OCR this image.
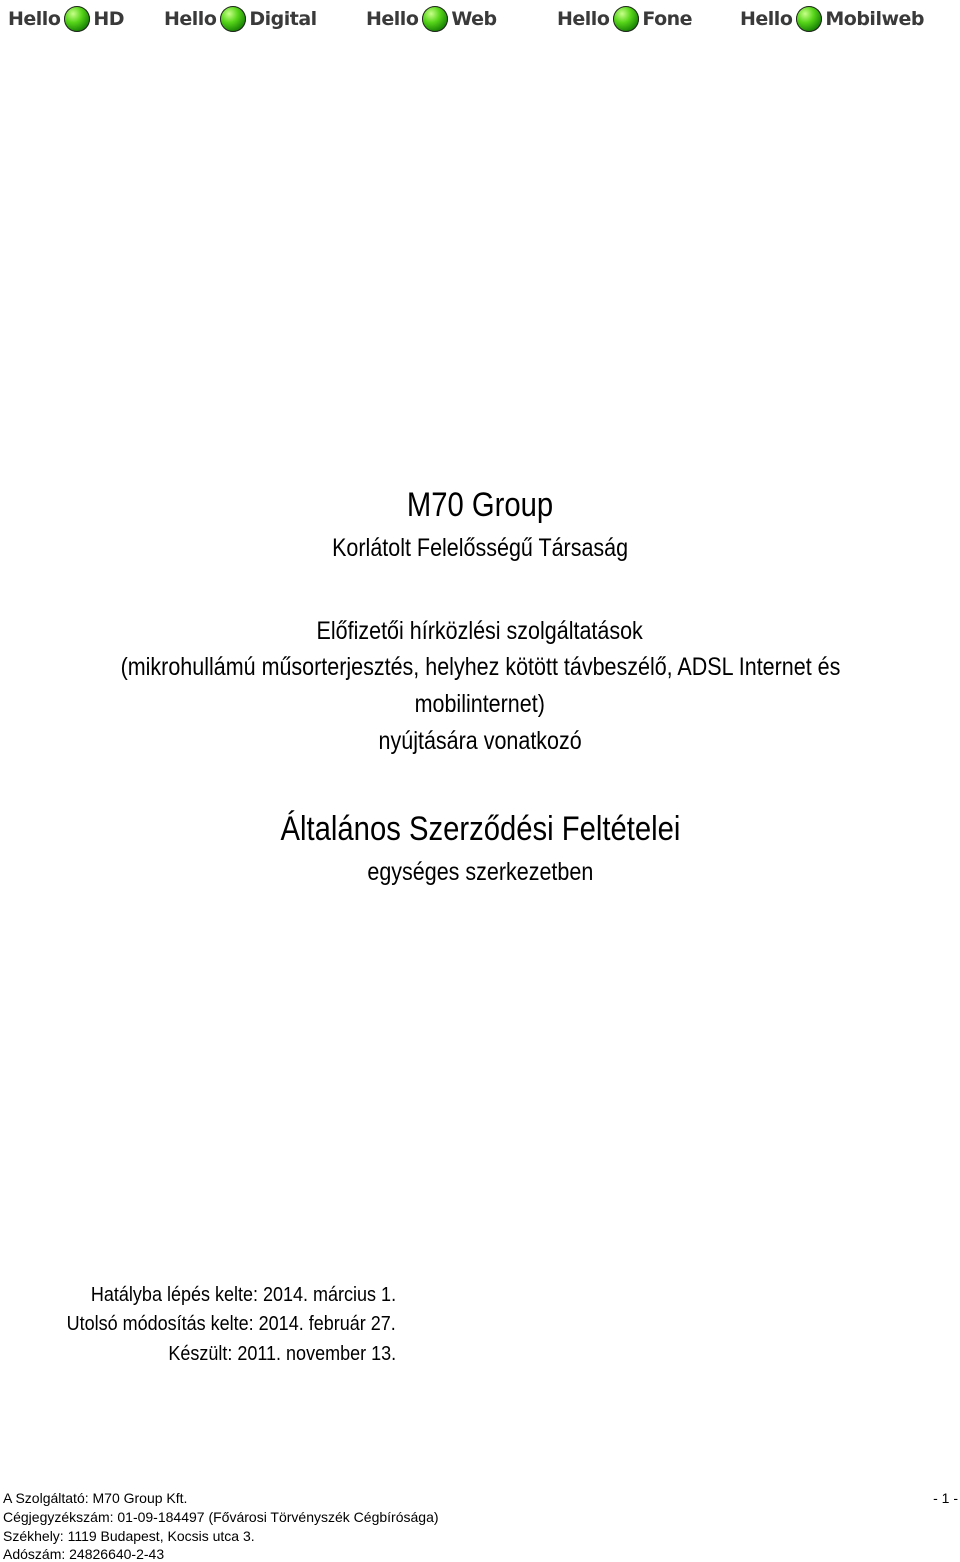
Hello HD Hello Digital	Hello Web	Hello Fone	Hello Mobilweb
M70 Group
Korlátolt Felelősségű Társaság
Előfizetői hírközlési szolgáltatások
(mikrohullámú műsorterjesztés, helyhez kötött távbeszélő, ADSL Internet és
mobilinternet)
nyújtására vonatkozó
Általános Szerződési Feltételei
egységes szerkezetben
Hatályba lépés kelte: 2014. március 1.
Utolsó módosítás kelte: 2014. február 27.
Készült: 2011. november 13.
A Szolgáltató: M70 Group Kft.
Cégjegyzékszám: 01-09-184497 (Fővárosi Törvényszék Cégbírósága)
Székhely: 1119 Budapest, Kocsis utca 3.
Adószám: 24826640-2-43
- 1 -
